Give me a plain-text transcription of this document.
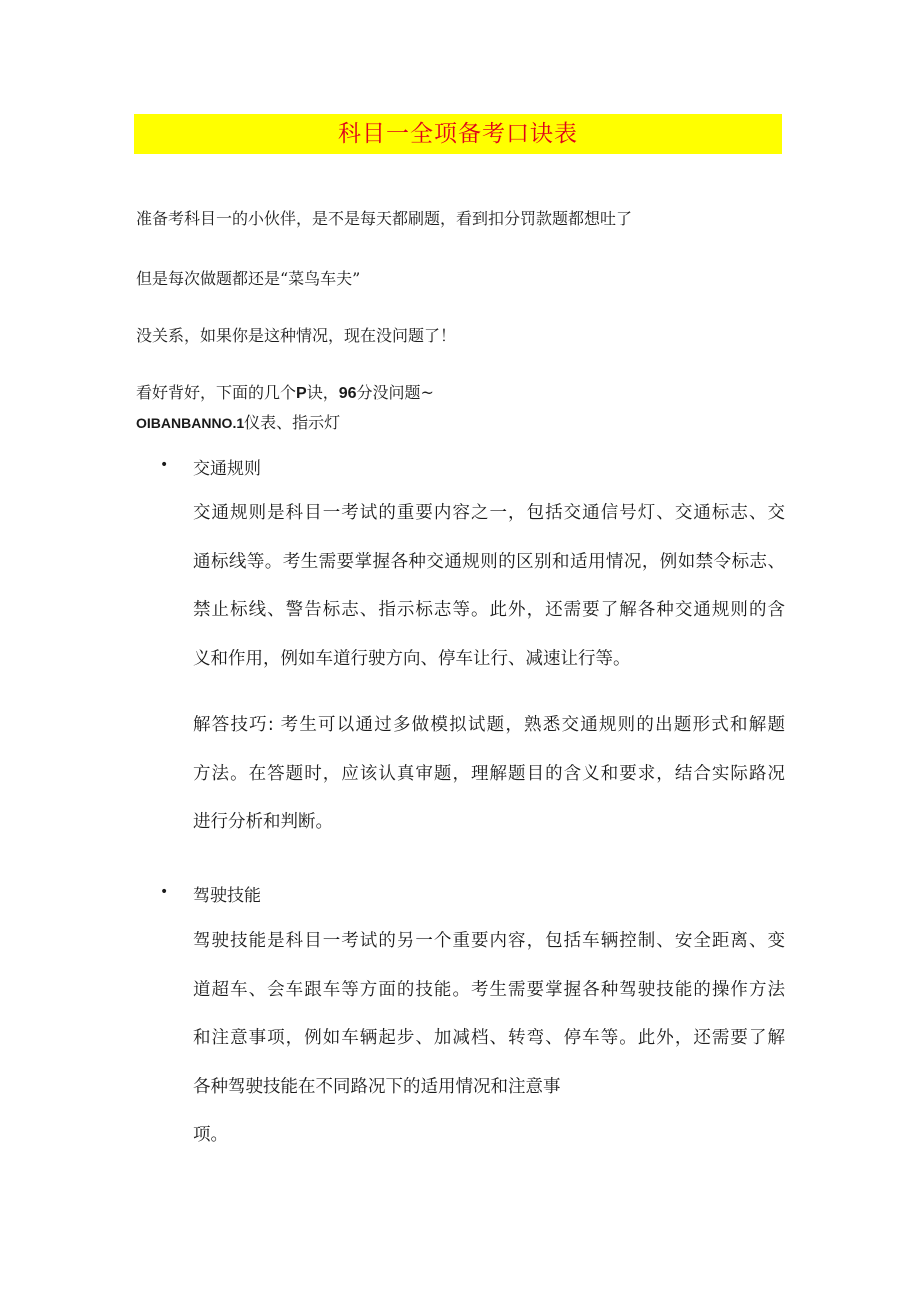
科目一全项备考口诀表
准备考科目一的小伙伴，是不是每天都刷题，看到扣分罚款题都想吐了
但是每次做题都还是“菜鸟车夫”
没关系，如果你是这种情况，现在没问题了！
看好背好，下面的几个P诀，96分没问题~
OIBANBANNO.1仪表、指示灯
• 交通规则
交通规则是科目一考试的重要内容之一，包括交通信号灯、交通标志、交
通标线等。考生需要掌握各种交通规则的区别和适用情况，例如禁令标志、
禁止标线、警告标志、指示标志等。此外，还需要了解各种交通规则的含
义和作用，例如车道行驶方向、停车让行、减速让行等。
解答技巧: 考生可以通过多做模拟试题，熟悉交通规则的出题形式和解题
方法。在答题时，应该认真审题，理解题目的含义和要求，结合实际路况
进行分析和判断。
• 驾驶技能
驾驶技能是科目一考试的另一个重要内容，包括车辆控制、安全距离、变
道超车、会车跟车等方面的技能。考生需要掌握各种驾驶技能的操作方法
和注意事项，例如车辆起步、加减档、转弯、停车等。此外，还需要了解
各种驾驶技能在不同路况下的适用情况和注意事
项。
